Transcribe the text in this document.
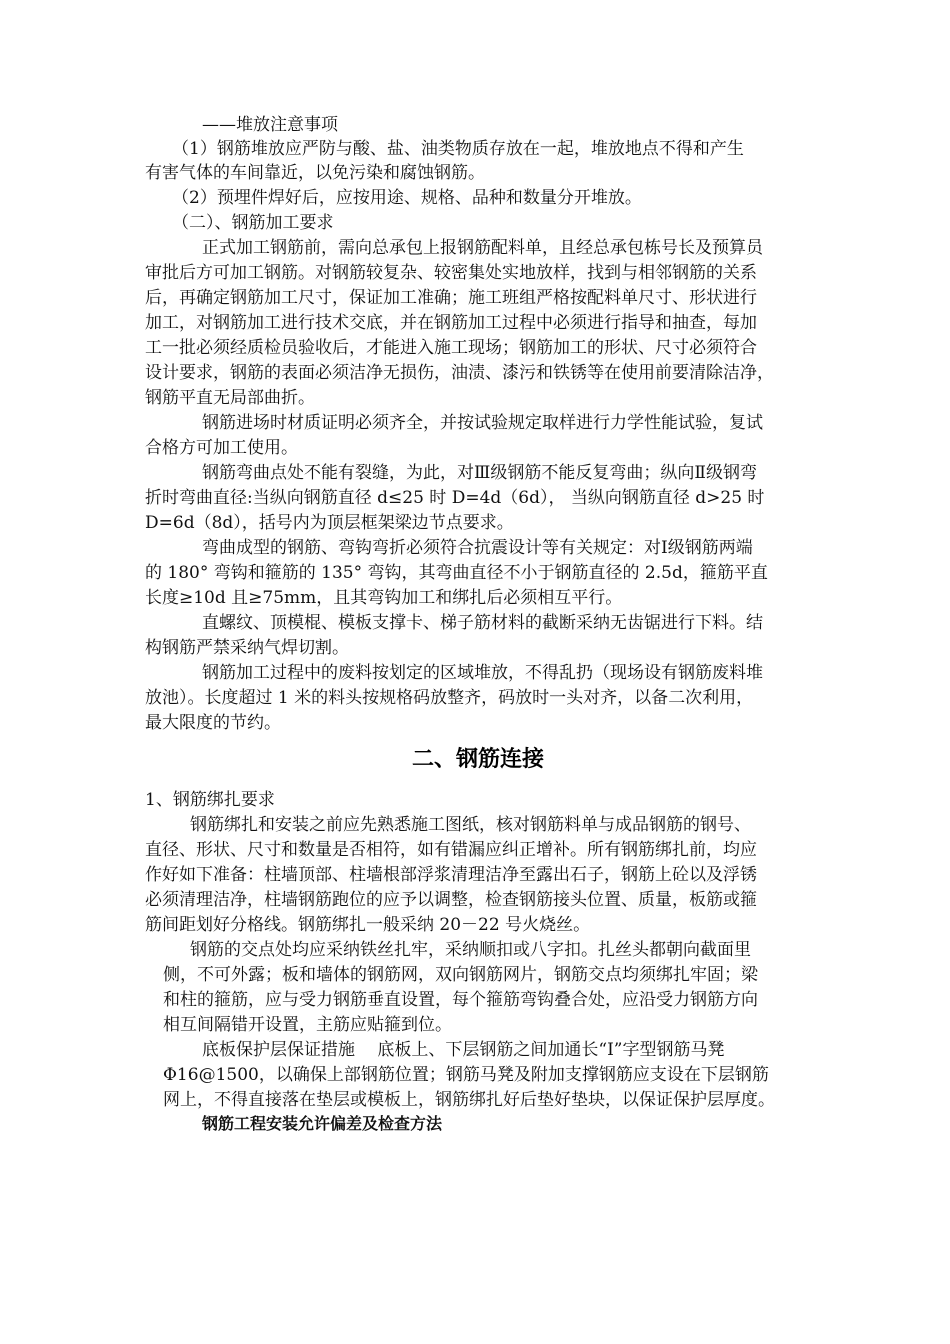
——堆放注意事项
（1）钢筋堆放应严防与酸、盐、油类物质存放在一起，堆放地点不得和产生
有害气体的车间靠近，以免污染和腐蚀钢筋。
（2）预埋件焊好后，应按用途、规格、品种和数量分开堆放。
（二）、钢筋加工要求
正式加工钢筋前，需向总承包上报钢筋配料单，且经总承包栋号长及预算员
审批后方可加工钢筋。对钢筋较复杂、较密集处实地放样，找到与相邻钢筋的关系
后，再确定钢筋加工尺寸，保证加工准确；施工班组严格按配料单尺寸、形状进行
加工，对钢筋加工进行技术交底，并在钢筋加工过程中必须进行指导和抽查，每加
工一批必须经质检员验收后，才能进入施工现场；钢筋加工的形状、尺寸必须符合
设计要求，钢筋的表面必须洁净无损伤，油渍、漆污和铁锈等在使用前要清除洁净，
钢筋平直无局部曲折。
钢筋进场时材质证明必须齐全，并按试验规定取样进行力学性能试验，复试
合格方可加工使用。
钢筋弯曲点处不能有裂缝，为此，对Ⅲ级钢筋不能反复弯曲；纵向Ⅱ级钢弯
折时弯曲直径:当纵向钢筋直径 d≤25 时 D=4d（6d）， 当纵向钢筋直径 d>25 时
D=6d（8d），括号内为顶层框架梁边节点要求。
弯曲成型的钢筋、弯钩弯折必须符合抗震设计等有关规定：对Ⅰ级钢筋两端
的 180° 弯钩和箍筋的 135° 弯钩，其弯曲直径不小于钢筋直径的 2.5d，箍筋平直
长度≥10d 且≥75mm，且其弯钩加工和绑扎后必须相互平行。
直螺纹、顶模棍、模板支撑卡、梯子筋材料的截断采纳无齿锯进行下料。结
构钢筋严禁采纳气焊切割。
钢筋加工过程中的废料按划定的区域堆放，不得乱扔（现场设有钢筋废料堆
放池）。长度超过 1 米的料头按规格码放整齐，码放时一头对齐，以备二次利用，
最大限度的节约。
二、钢筋连接
1、钢筋绑扎要求
钢筋绑扎和安装之前应先熟悉施工图纸，核对钢筋料单与成品钢筋的钢号、
直径、形状、尺寸和数量是否相符，如有错漏应纠正增补。所有钢筋绑扎前，均应
作好如下准备：柱墙顶部、柱墙根部浮浆清理洁净至露出石子，钢筋上砼以及浮锈
必须清理洁净，柱墙钢筋跑位的应予以调整，检查钢筋接头位置、质量，板筋或箍
筋间距划好分格线。钢筋绑扎一般采纳 20－22 号火烧丝。
钢筋的交点处均应采纳铁丝扎牢，采纳顺扣或八字扣。扎丝头都朝向截面里
侧，不可外露；板和墙体的钢筋网，双向钢筋网片，钢筋交点均须绑扎牢固；梁
和柱的箍筋，应与受力钢筋垂直设置，每个箍筋弯钩叠合处，应沿受力钢筋方向
相互间隔错开设置，主筋应贴箍到位。
底板保护层保证措施　 底板上、下层钢筋之间加通长“I”字型钢筋马凳
Φ16@1500，以确保上部钢筋位置；钢筋马凳及附加支撑钢筋应支设在下层钢筋
网上，不得直接落在垫层或模板上，钢筋绑扎好后垫好垫块，以保证保护层厚度。
钢筋工程安装允许偏差及检查方法
